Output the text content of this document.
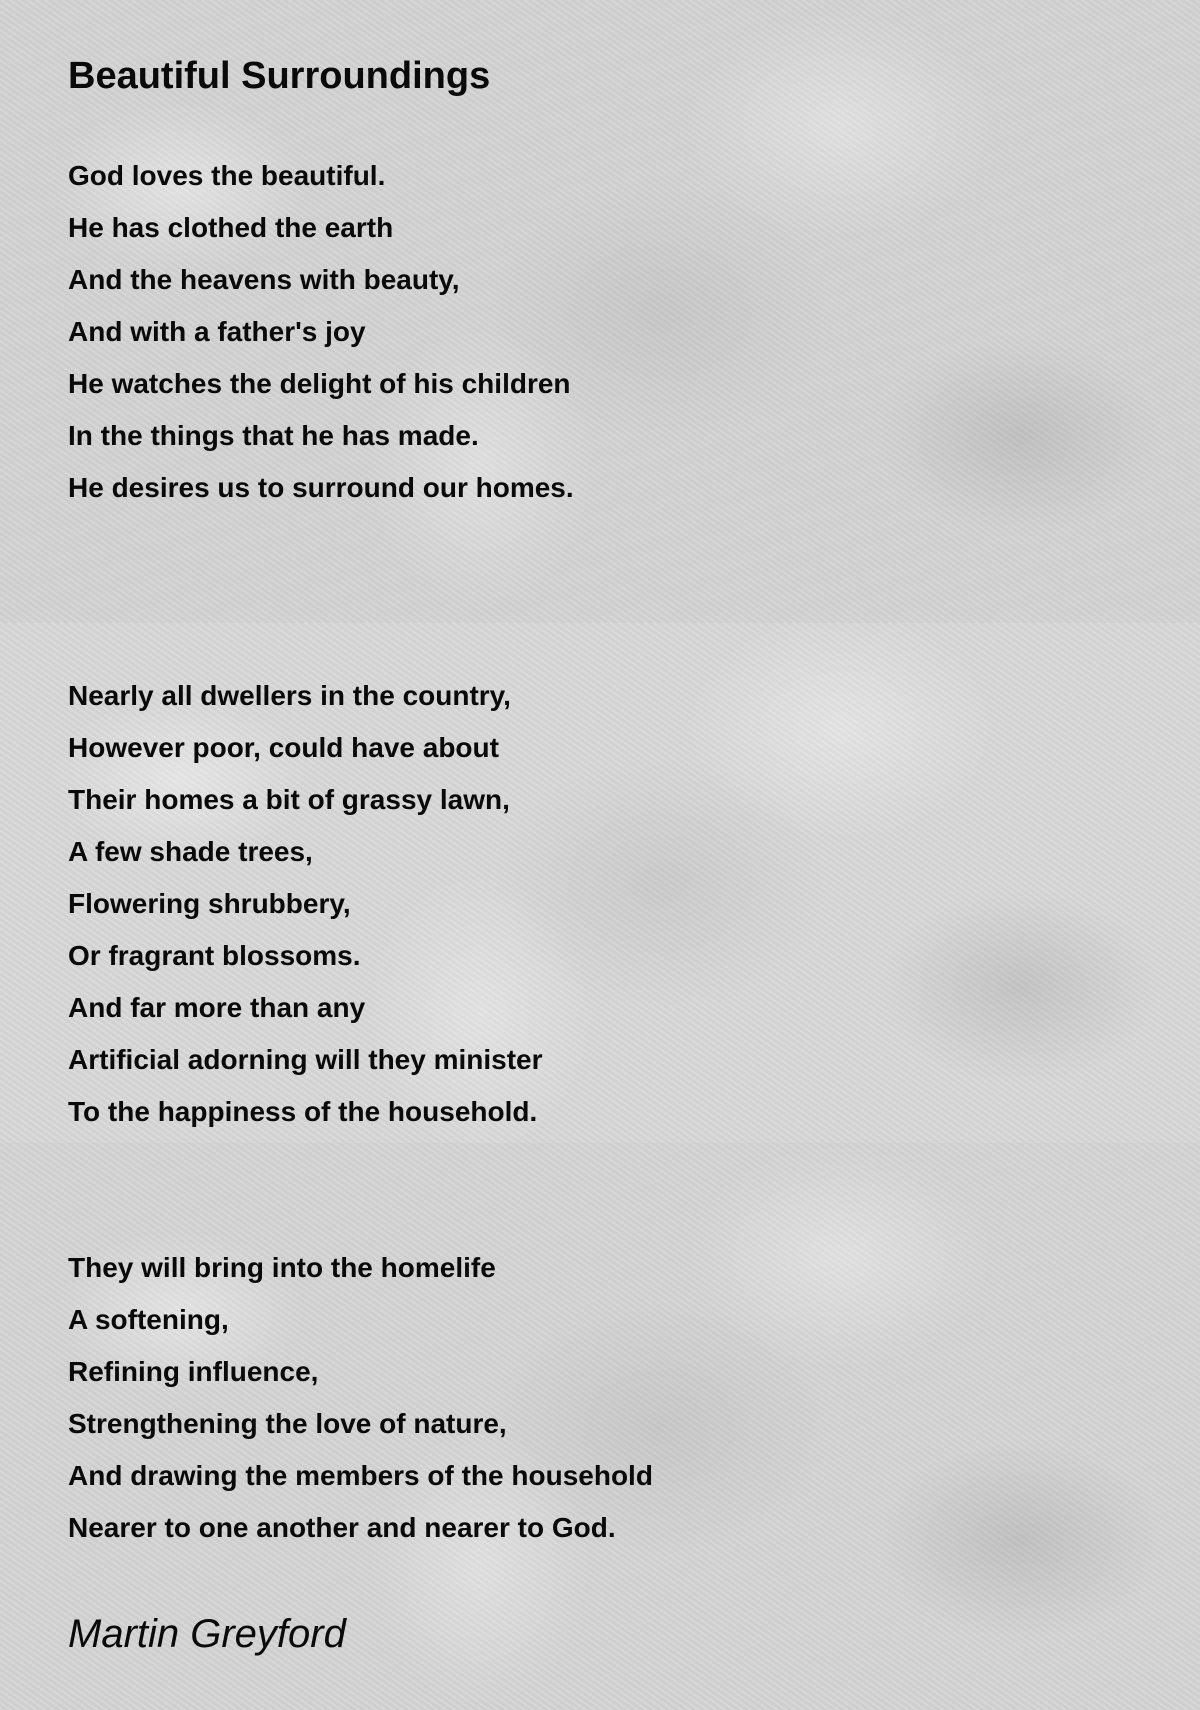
Beautiful Surroundings
God loves the beautiful.
He has clothed the earth
And the heavens with beauty,
And with a father's joy
He watches the delight of his children
In the things that he has made.
He desires us to surround our homes.
Nearly all dwellers in the country,
However poor, could have about
Their homes a bit of grassy lawn,
A few shade trees,
Flowering shrubbery,
Or fragrant blossoms.
And far more than any
Artificial adorning will they minister
To the happiness of the household.
They will bring into the homelife
A softening,
Refining influence,
Strengthening the love of nature,
And drawing the members of the household
Nearer to one another and nearer to God.

Martin Greyford
